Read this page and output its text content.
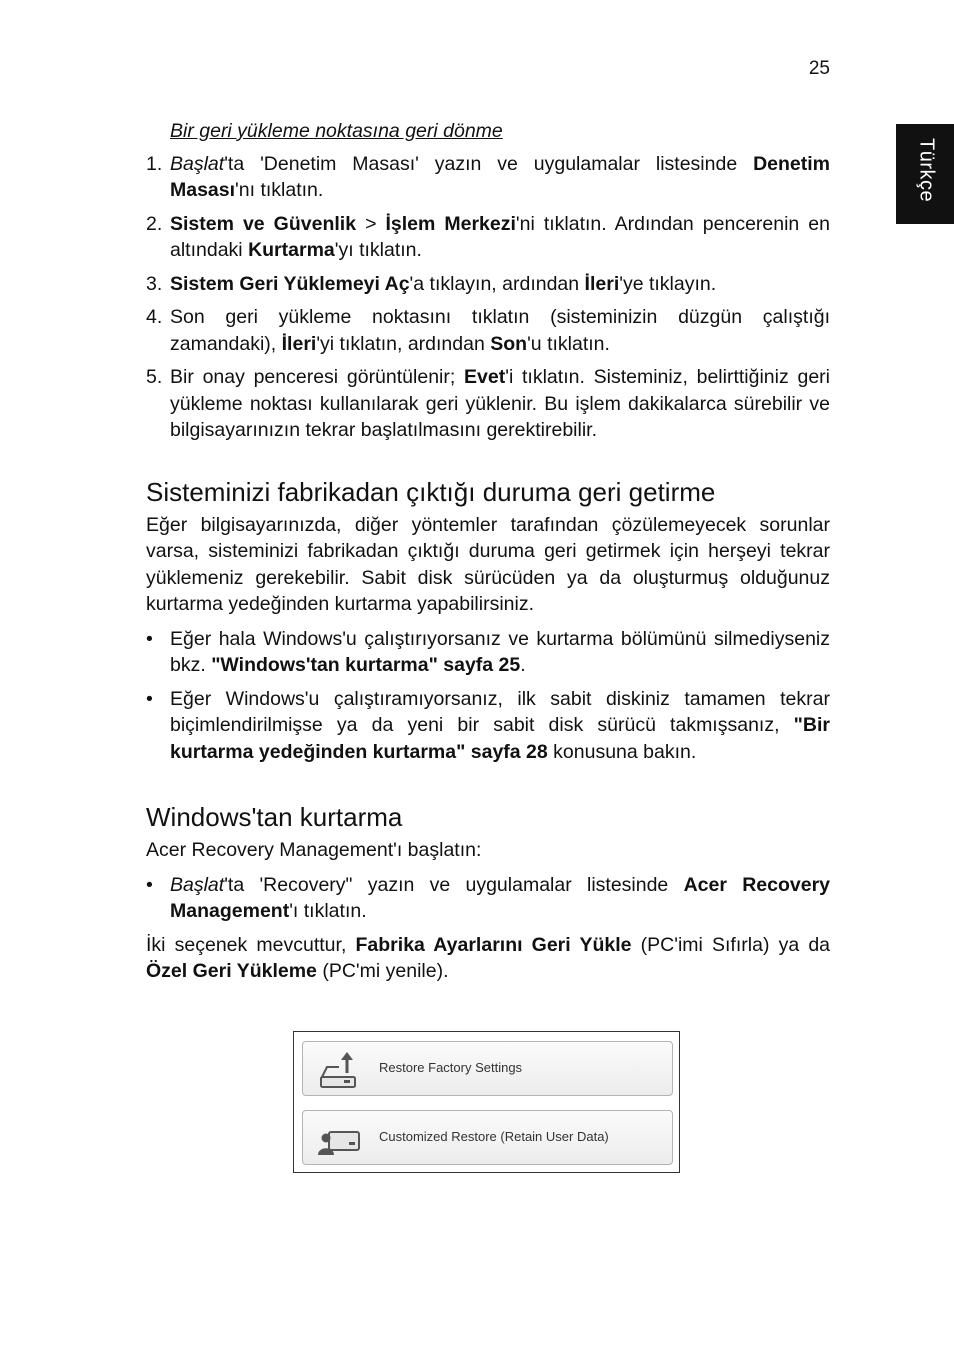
25
Türkçe
Bir geri yükleme noktasına geri dönme
1. Başlat'ta 'Denetim Masası' yazın ve uygulamalar listesinde Denetim Masası'nı tıklatın.
2. Sistem ve Güvenlik > İşlem Merkezi'ni tıklatın. Ardından pencerenin en altındaki Kurtarma'yı tıklatın.
3. Sistem Geri Yüklemeyi Aç'a tıklayın, ardından İleri'ye tıklayın.
4. Son geri yükleme noktasını tıklatın (sisteminizin düzgün çalıştığı zamandaki), İleri'yi tıklatın, ardından Son'u tıklatın.
5. Bir onay penceresi görüntülenir; Evet'i tıklatın. Sisteminiz, belirttiğiniz geri yükleme noktası kullanılarak geri yüklenir. Bu işlem dakikalarca sürebilir ve bilgisayarınızın tekrar başlatılmasını gerektirebilir.
Sisteminizi fabrikadan çıktığı duruma geri getirme

Eğer bilgisayarınızda, diğer yöntemler tarafından çözülemeyecek sorunlar varsa, sisteminizi fabrikadan çıktığı duruma geri getirmek için herşeyi tekrar yüklemeniz gerekebilir. Sabit disk sürücüden ya da oluşturmuş olduğunuz kurtarma yedeğinden kurtarma yapabilirsiniz.

• Eğer hala Windows'u çalıştırıyorsanız ve kurtarma bölümünü silmediyseniz bkz. "Windows'tan kurtarma" sayfa 25.
• Eğer Windows'u çalıştıramıyorsanız, ilk sabit diskiniz tamamen tekrar biçimlendirilmişse ya da yeni bir sabit disk sürücü takmışsanız, "Bir kurtarma yedeğinden kurtarma" sayfa 28 konusuna bakın.
Windows'tan kurtarma

Acer Recovery Management'ı başlatın:

• Başlat'ta 'Recovery" yazın ve uygulamalar listesinde Acer Recovery Management'ı tıklatın.

İki seçenek mevcuttur, Fabrika Ayarlarını Geri Yükle (PC'imi Sıfırla) ya da Özel Geri Yükleme (PC'mi yenile).

Restore Factory Settings
Customized Restore (Retain User Data)
